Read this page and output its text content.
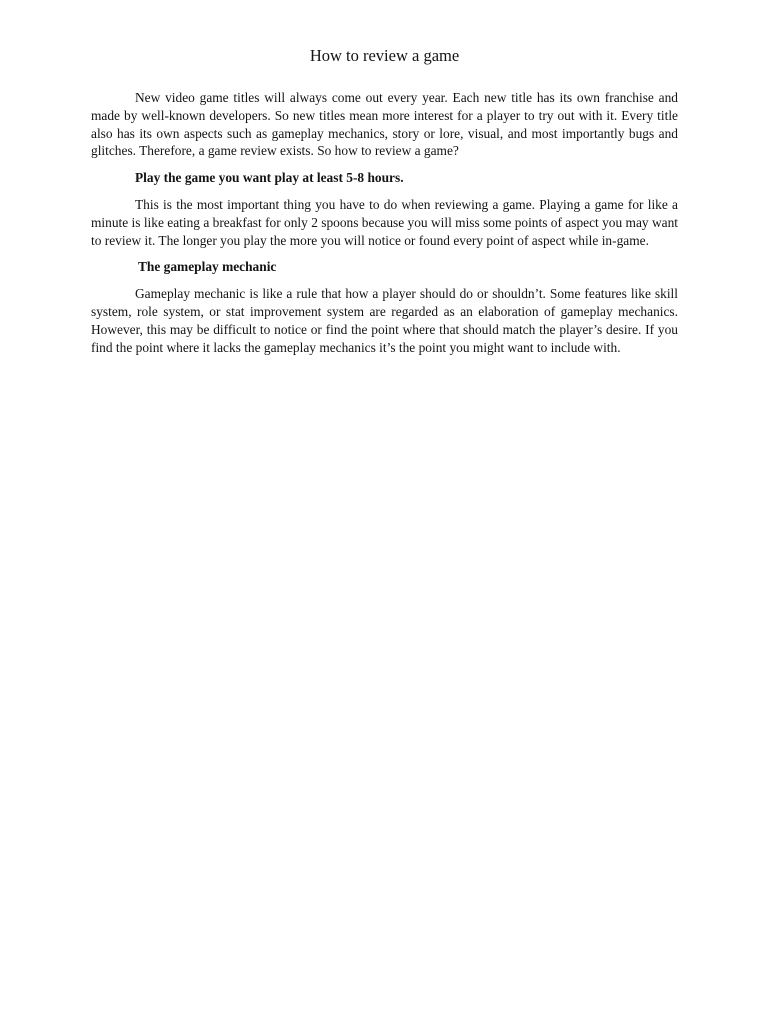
How to review a game

New video game titles will always come out every year. Each new title has its own franchise and made by well-known developers. So new titles mean more interest for a player to try out with it. Every title also has its own aspects such as gameplay mechanics, story or lore, visual, and most importantly bugs and glitches. Therefore, a game review exists. So how to review a game?

Play the game you want play at least 5-8 hours.

This is the most important thing you have to do when reviewing a game. Playing a game for like a minute is like eating a breakfast for only 2 spoons because you will miss some points of aspect you may want to review it. The longer you play the more you will notice or found every point of aspect while in-game.

The gameplay mechanic

Gameplay mechanic is like a rule that how a player should do or shouldn’t. Some features like skill system, role system, or stat improvement system are regarded as an elaboration of gameplay mechanics. However, this may be difficult to notice or find the point where that should match the player’s desire. If you find the point where it lacks the gameplay mechanics it’s the point you might want to include with.
